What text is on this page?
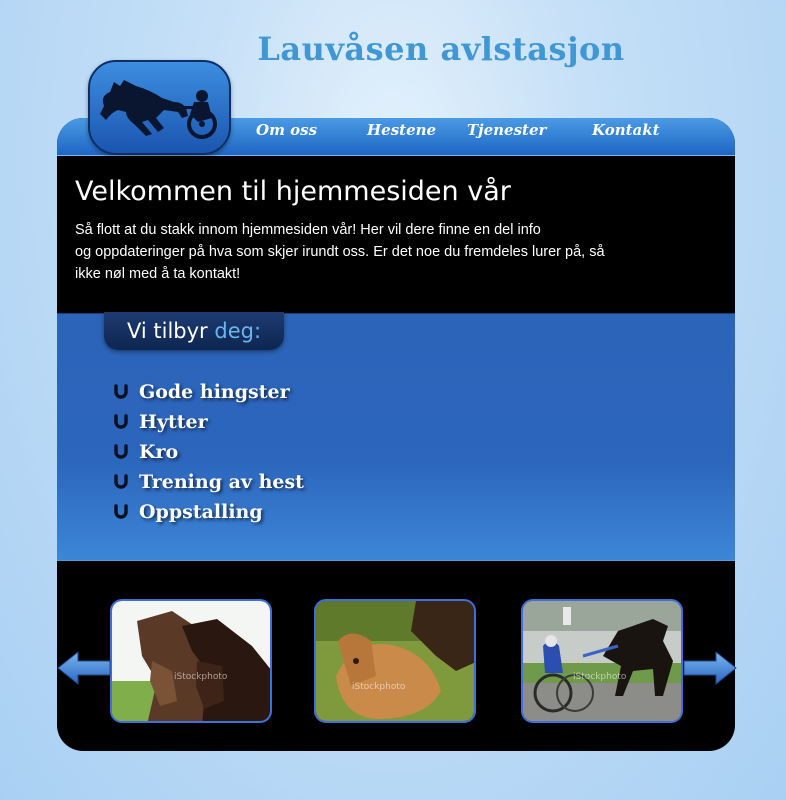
Lauvåsen avlstasjon
Om oss	Hestene Tjenester	Kontakt
Velkommen til hjemmesiden vår

Så flott at du stakk innom hjemmesiden vår! Her vil dere finne en del info
og oppdateringer på hva som skjer irundt oss. Er det noe du fremdeles lurer på, så
ikke nøl med å ta kontakt!

Vi tilbyr deg:
Gode hingster
Hytter
Kro
Trening av hest
Oppstalling
iStockphoto
iStockphoto
iStockphoto
